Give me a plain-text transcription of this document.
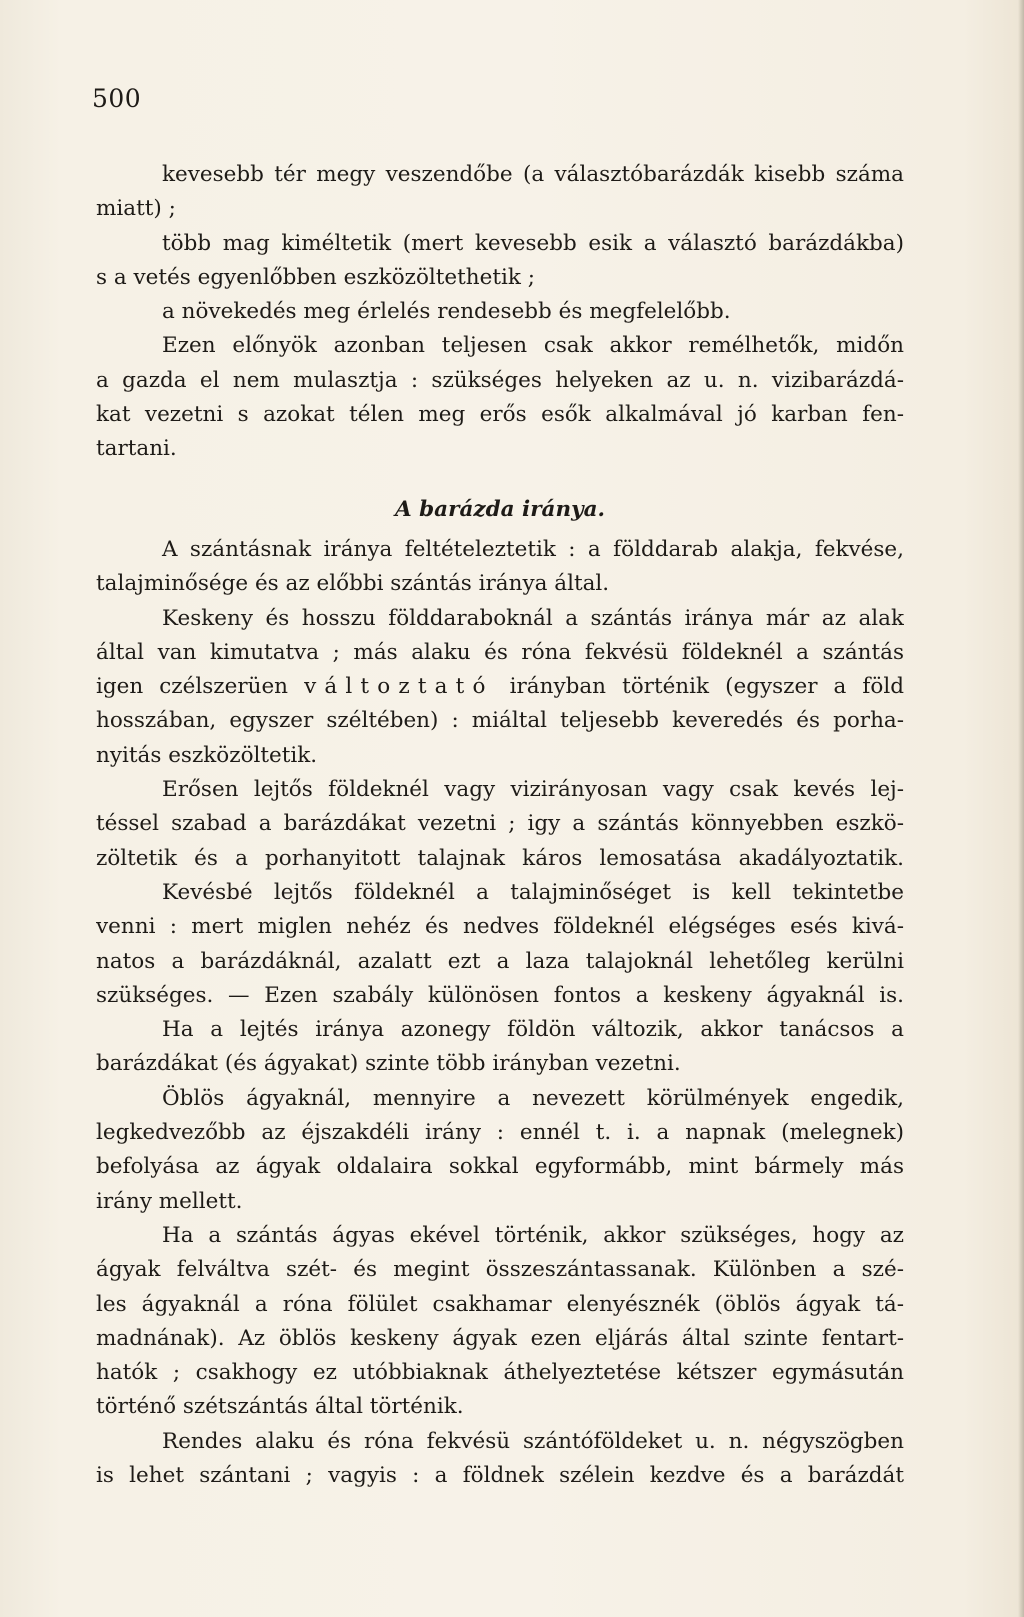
500
kevesebb tér megy veszendőbe (a választóbarázdák kisebb száma
miatt) ;
több mag kiméltetik (mert kevesebb esik a választó barázdákba)
s a vetés egyenlőbben eszközöltethetik ;
a növekedés meg érlelés rendesebb és megfelelőbb.
Ezen előnyök azonban teljesen csak akkor remélhetők, midőn
a gazda el nem mulasztja : szükséges helyeken az u. n. vizibarázdá-
kat vezetni s azokat télen meg erős esők alkalmával jó karban fen-
tartani.
A barázda iránya.
A szántásnak iránya feltételeztetik : a földdarab alakja, fekvése,
talajminősége és az előbbi szántás iránya által.
Keskeny és hosszu földdaraboknál a szántás iránya már az alak
által van kimutatva ; más alaku és róna fekvésü földeknél a szántás
igen czélszerüen változtató irányban történik (egyszer a föld
hosszában, egyszer széltében) : miáltal teljesebb keveredés és porha-
nyitás eszközöltetik.
Erősen lejtős földeknél vagy vizirányosan vagy csak kevés lej-
téssel szabad a barázdákat vezetni ; igy a szántás könnyebben eszkö-
zöltetik és a porhanyitott talajnak káros lemosatása akadályoztatik.
Kevésbé lejtős földeknél a talajminőséget is kell tekintetbe
venni : mert miglen nehéz és nedves földeknél elégséges esés kivá-
natos a barázdáknál, azalatt ezt a laza talajoknál lehetőleg kerülni
szükséges. — Ezen szabály különösen fontos a keskeny ágyaknál is.
Ha a lejtés iránya azonegy földön változik, akkor tanácsos a
barázdákat (és ágyakat) szinte több irányban vezetni.
Öblös ágyaknál, mennyire a nevezett körülmények engedik,
legkedvezőbb az éjszakdéli irány : ennél t. i. a napnak (melegnek)
befolyása az ágyak oldalaira sokkal egyformább, mint bármely más
irány mellett.
Ha a szántás ágyas ekével történik, akkor szükséges, hogy az
ágyak felváltva szét- és megint összeszántassanak. Különben a szé-
les ágyaknál a róna fölület csakhamar elenyésznék (öblös ágyak tá-
madnának). Az öblös keskeny ágyak ezen eljárás által szinte fentart-
hatók ; csakhogy ez utóbbiaknak áthelyeztetése kétszer egymásután
történő szétszántás által történik.
Rendes alaku és róna fekvésü szántóföldeket u. n. négyszögben
is lehet szántani ; vagyis : a földnek szélein kezdve és a barázdát
